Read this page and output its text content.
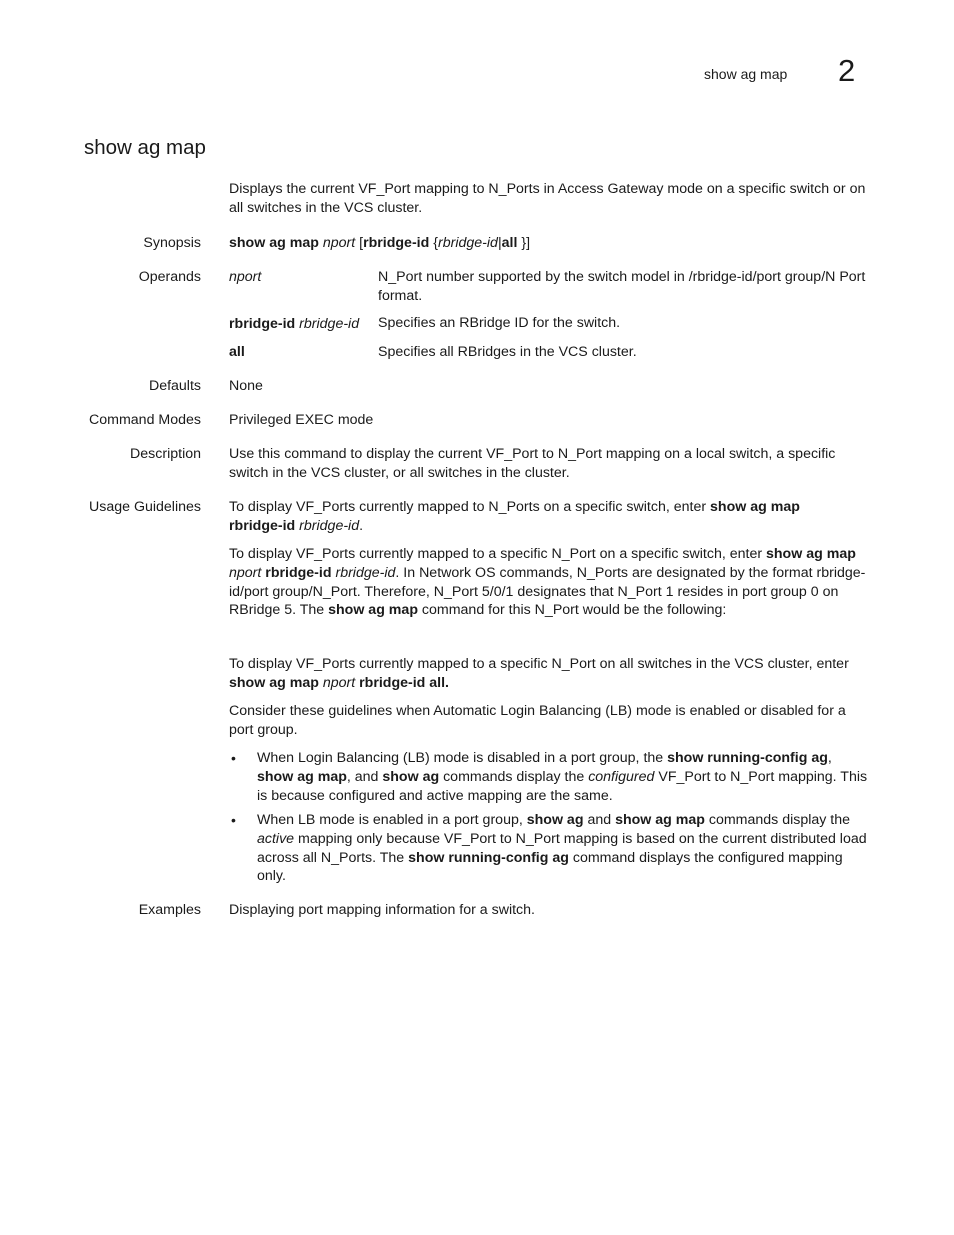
show ag map 2
show ag map

Displays the current VF_Port mapping to N_Ports in Access Gateway mode on a specific switch or on all switches in the VCS cluster.

Synopsis show ag map nport [rbridge-id {rbridge-id|all }]

Operands nport	N_Port number supported by the switch model in /rbridge-id/port group/N Port format.

rbridge-id rbridge-id	Specifies an RBridge ID for the switch.

all	Specifies all RBridges in the VCS cluster.

Defaults None

Command Modes Privileged EXEC mode

Description Use this command to display the current VF_Port to N_Port mapping on a local switch, a specific switch in the VCS cluster, or all switches in the cluster.

Usage Guidelines To display VF_Ports currently mapped to N_Ports on a specific switch, enter show ag map
rbridge-id rbridge-id.

To display VF_Ports currently mapped to a specific N_Port on a specific switch, enter show ag map nport rbridge-id rbridge-id. In Network OS commands, N_Ports are designated by the format rbridge-id/port group/N_Port. Therefore, N_Port 5/0/1 designates that N_Port 1 resides in port group 0 on RBridge 5. The show ag map command for this N_Port would be the following:

To display VF_Ports currently mapped to a specific N_Port on all switches in the VCS cluster, enter show ag map nport rbridge-id all.

Consider these guidelines when Automatic Login Balancing (LB) mode is enabled or disabled for a port group.

•	When Login Balancing (LB) mode is disabled in a port group, the show running-config ag, show ag map, and show ag commands display the configured VF_Port to N_Port mapping. This is because configured and active mapping are the same.

•	When LB mode is enabled in a port group, show ag and show ag map commands display the active mapping only because VF_Port to N_Port mapping is based on the current distributed load across all N_Ports. The show running-config ag command displays the configured mapping only.

Examples Displaying port mapping information for a switch.
